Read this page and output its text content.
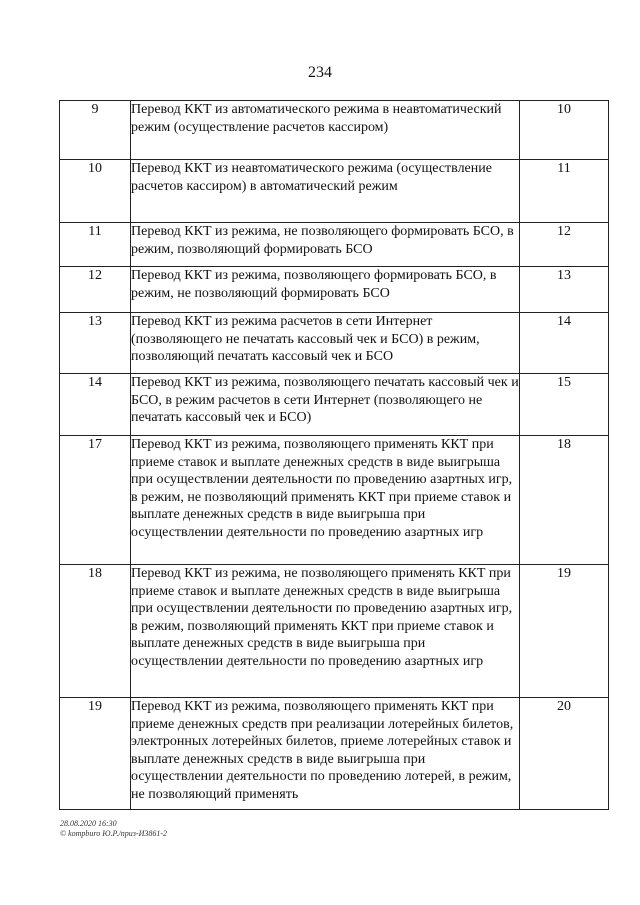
234
9	Перевод ККТ из автоматического режима в неавтоматический режим (осуществление расчетов кассиром)	10
10	Перевод ККТ из неавтоматического режима (осуществление расчетов кассиром) в автоматический режим	11
11	Перевод ККТ из режима, не позволяющего формировать БСО, в режим, позволяющий формировать БСО	12
12	Перевод ККТ из режима, позволяющего формировать БСО, в режим, не позволяющий формировать БСО	13
13	Перевод ККТ из режима расчетов в сети Интернет (позволяющего не печатать кассовый чек и БСО) в режим, позволяющий печатать кассовый чек и БСО	14
14	Перевод ККТ из режима, позволяющего печатать кассовый чек и БСО, в режим расчетов в сети Интернет (позволяющего не печатать кассовый чек и БСО)	15
17	Перевод ККТ из режима, позволяющего применять ККТ при приеме ставок и выплате денежных средств в виде выигрыша при осуществлении деятельности по проведению азартных игр, в режим, не позволяющий применять ККТ при приеме ставок и выплате денежных средств в виде выигрыша при осуществлении деятельности по проведению азартных игр	18
18	Перевод ККТ из режима, не позволяющего применять ККТ при приеме ставок и выплате денежных средств в виде выигрыша при осуществлении деятельности по проведению азартных игр, в режим, позволяющий применять ККТ при приеме ставок и выплате денежных средств в виде выигрыша при осуществлении деятельности по проведению азартных игр	19
19	Перевод ККТ из режима, позволяющего применять ККТ при приеме денежных средств при реализации лотерейных билетов, электронных лотерейных билетов, приеме лотерейных ставок и выплате денежных средств в виде выигрыша при осуществлении деятельности по проведению лотерей, в режим, не позволяющий применять	20
28.08.2020 16:30
© kompburo Ю.Р./приз-И3861-2
